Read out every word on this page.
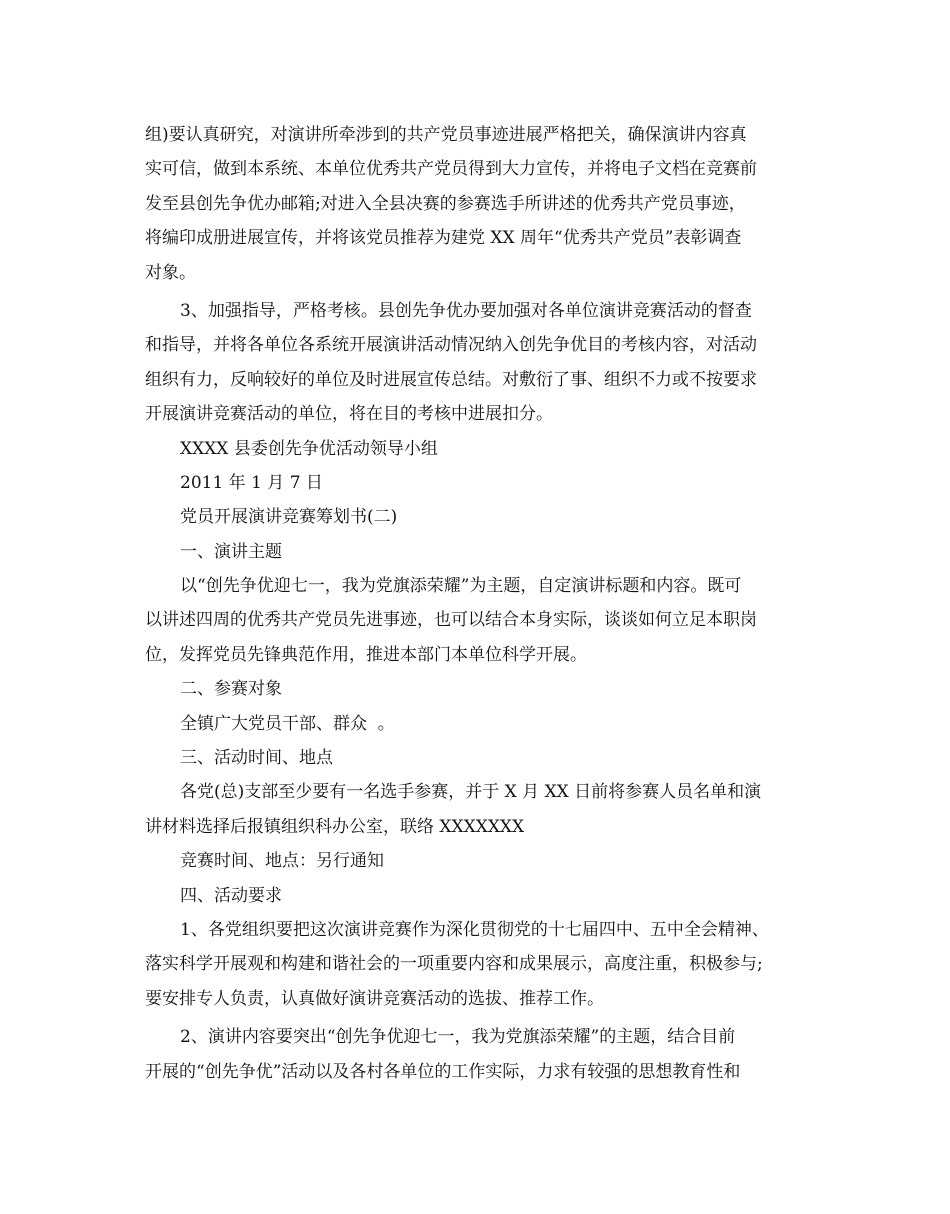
组)要认真研究，对演讲所牵涉到的共产党员事迹进展严格把关，确保演讲内容真
实可信，做到本系统、本单位优秀共产党员得到大力宣传，并将电子文档在竞赛前
发至县创先争优办邮箱;对进入全县决赛的参赛选手所讲述的优秀共产党员事迹，
将编印成册进展宣传，并将该党员推荐为建党 XX 周年“优秀共产党员”表彰调查
对象。
3、加强指导，严格考核。县创先争优办要加强对各单位演讲竞赛活动的督查
和指导，并将各单位各系统开展演讲活动情况纳入创先争优目的考核内容，对活动
组织有力，反响较好的单位及时进展宣传总结。对敷衍了事、组织不力或不按要求
开展演讲竞赛活动的单位，将在目的考核中进展扣分。
XXXX 县委创先争优活动领导小组
2011 年 1 月 7 日
党员开展演讲竞赛筹划书(二)
一、演讲主题
以“创先争优迎七一，我为党旗添荣耀”为主题，自定演讲标题和内容。既可
以讲述四周的优秀共产党员先进事迹，也可以结合本身实际，谈谈如何立足本职岗
位，发挥党员先锋典范作用，推进本部门本单位科学开展。
二、参赛对象
全镇广大党员干部、群众  。
三、活动时间、地点
各党(总)支部至少要有一名选手参赛，并于 X 月 XX 日前将参赛人员名单和演
讲材料选择后报镇组织科办公室，联络 XXXXXXX
竞赛时间、地点：另行通知
四、活动要求
1、各党组织要把这次演讲竞赛作为深化贯彻党的十七届四中、五中全会精神、
落实科学开展观和构建和谐社会的一项重要内容和成果展示，高度注重，积极参与;
要安排专人负责，认真做好演讲竞赛活动的选拔、推荐工作。
2、演讲内容要突出“创先争优迎七一，我为党旗添荣耀”的主题，结合目前
开展的“创先争优”活动以及各村各单位的工作实际，力求有较强的思想教育性和
